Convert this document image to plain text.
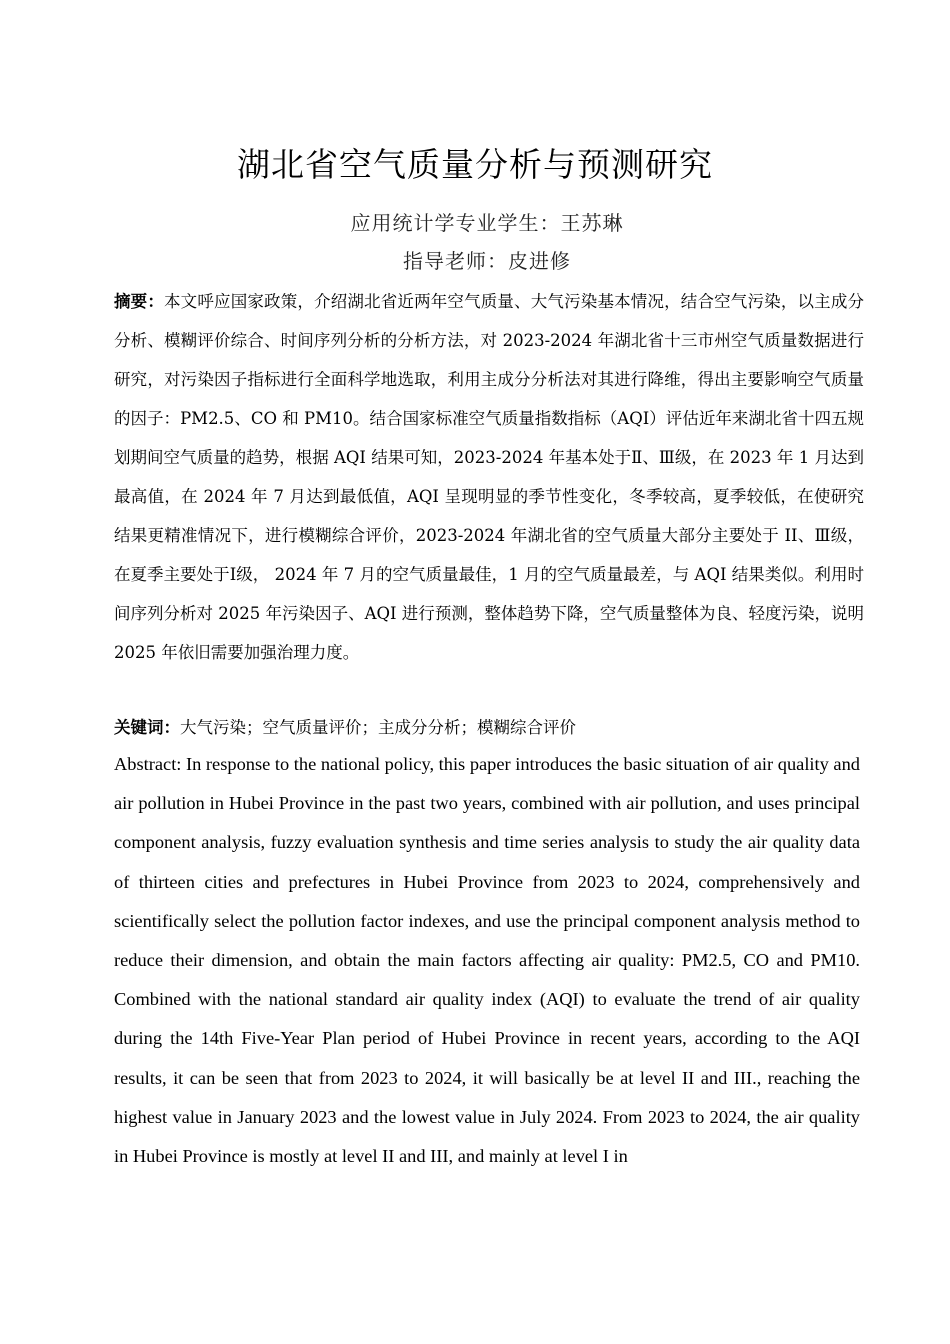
湖北省空气质量分析与预测研究
应用统计学专业学生：王苏琳
指导老师：皮进修
摘要：本文呼应国家政策，介绍湖北省近两年空气质量、大气污染基本情况，结合空气污染，以主成分分析、模糊评价综合、时间序列分析的分析方法，对 2023-2024 年湖北省十三市州空气质量数据进行研究，对污染因子指标进行全面科学地选取，利用主成分分析法对其进行降维，得出主要影响空气质量的因子：PM2.5、CO 和 PM10。结合国家标准空气质量指数指标（AQI）评估近年来湖北省十四五规划期间空气质量的趋势，根据 AQI 结果可知，2023-2024 年基本处于Ⅱ、Ⅲ级，在 2023 年 1 月达到最高值，在 2024 年 7 月达到最低值，AQI 呈现明显的季节性变化，冬季较高，夏季较低，在使研究结果更精准情况下，进行模糊综合评价，2023-2024 年湖北省的空气质量大部分主要处于 II、Ⅲ级，在夏季主要处于Ⅰ级， 2024 年 7 月的空气质量最佳，1 月的空气质量最差，与 AQI 结果类似。利用时间序列分析对 2025 年污染因子、AQI 进行预测，整体趋势下降，空气质量整体为良、轻度污染，说明 2025 年依旧需要加强治理力度。
关键词：大气污染；空气质量评价；主成分分析；模糊综合评价
Abstract: In response to the national policy, this paper introduces the basic situation of air quality and air pollution in Hubei Province in the past two years, combined with air pollution, and uses principal component analysis, fuzzy evaluation synthesis and time series analysis to study the air quality data of thirteen cities and prefectures in Hubei Province from 2023 to 2024, comprehensively and scientifically select the pollution factor indexes, and use the principal component analysis method to reduce their dimension, and obtain the main factors affecting air quality: PM2.5, CO and PM10. Combined with the national standard air quality index (AQI) to evaluate the trend of air quality during the 14th Five-Year Plan period of Hubei Province in recent years, according to the AQI results, it can be seen that from 2023 to 2024, it will basically be at level II and III., reaching the highest value in January 2023 and the lowest value in July 2024. From 2023 to 2024, the air quality in Hubei Province is mostly at level II and III, and mainly at level I in
